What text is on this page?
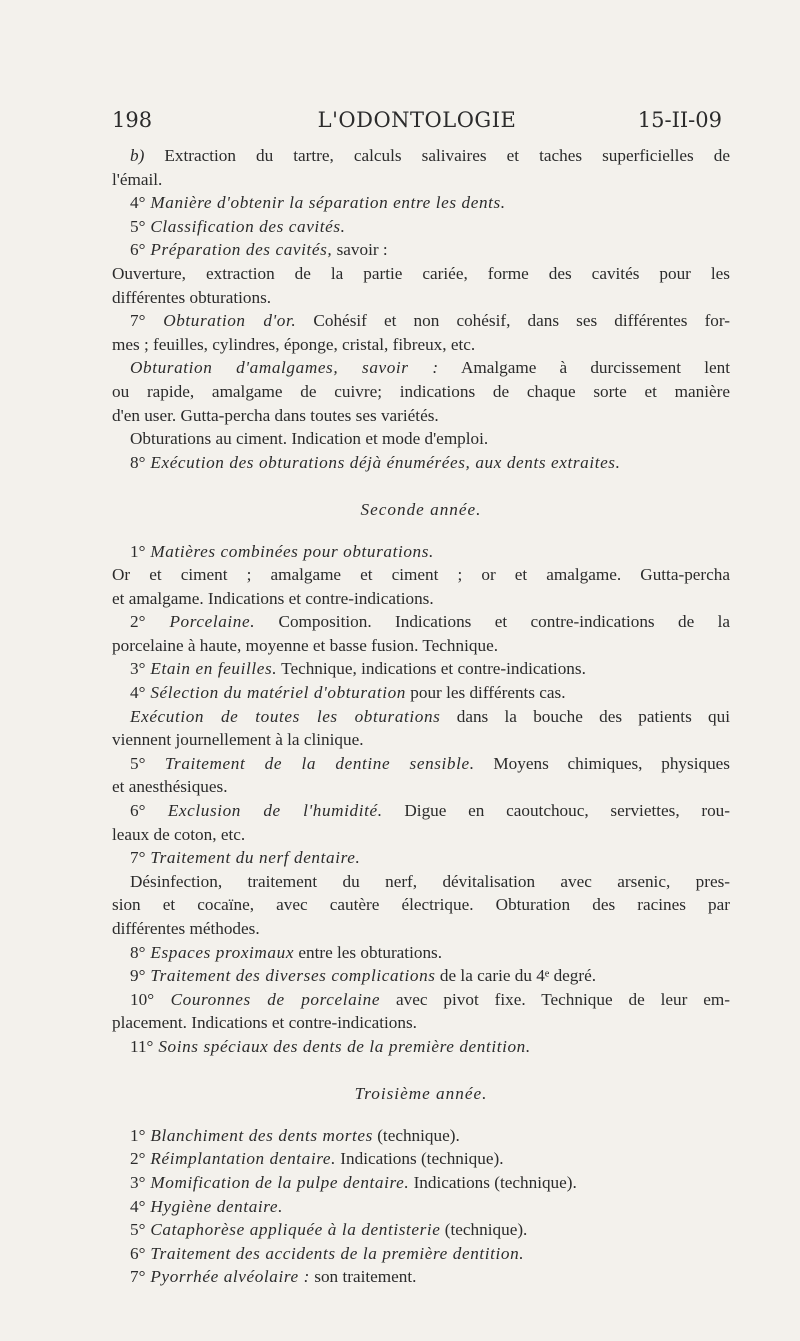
198	L'ODONTOLOGIE	15-II-09
b) Extraction du tartre, calculs salivaires et taches superficielles de
l'émail.
4° Manière d'obtenir la séparation entre les dents.
5° Classification des cavités.
6° Préparation des cavités, savoir :
Ouverture, extraction de la partie cariée, forme des cavités pour les
différentes obturations.
7° Obturation d'or. Cohésif et non cohésif, dans ses différentes for-
mes ; feuilles, cylindres, éponge, cristal, fibreux, etc.
Obturation d'amalgames, savoir : Amalgame à durcissement lent
ou rapide, amalgame de cuivre; indications de chaque sorte et manière
d'en user. Gutta-percha dans toutes ses variétés.
Obturations au ciment. Indication et mode d'emploi.
8° Exécution des obturations déjà énumérées, aux dents extraites.
Seconde année.
1° Matières combinées pour obturations.
Or et ciment ; amalgame et ciment ; or et amalgame. Gutta-percha
et amalgame. Indications et contre-indications.
2° Porcelaine. Composition. Indications et contre-indications de la
porcelaine à haute, moyenne et basse fusion. Technique.
3° Etain en feuilles. Technique, indications et contre-indications.
4° Sélection du matériel d'obturation pour les différents cas.
Exécution de toutes les obturations dans la bouche des patients qui
viennent journellement à la clinique.
5° Traitement de la dentine sensible. Moyens chimiques, physiques
et anesthésiques.
6° Exclusion de l'humidité. Digue en caoutchouc, serviettes, rou-
leaux de coton, etc.
7° Traitement du nerf dentaire.
Désinfection, traitement du nerf, dévitalisation avec arsenic, pres-
sion et cocaïne, avec cautère électrique. Obturation des racines par
différentes méthodes.
8° Espaces proximaux entre les obturations.
9° Traitement des diverses complications de la carie du 4ᵉ degré.
10° Couronnes de porcelaine avec pivot fixe. Technique de leur em-
placement. Indications et contre-indications.
11° Soins spéciaux des dents de la première dentition.
Troisième année.
1° Blanchiment des dents mortes (technique).
2° Réimplantation dentaire. Indications (technique).
3° Momification de la pulpe dentaire. Indications (technique).
4° Hygiène dentaire.
5° Cataphorèse appliquée à la dentisterie (technique).
6° Traitement des accidents de la première dentition.
7° Pyorrhée alvéolaire : son traitement.
